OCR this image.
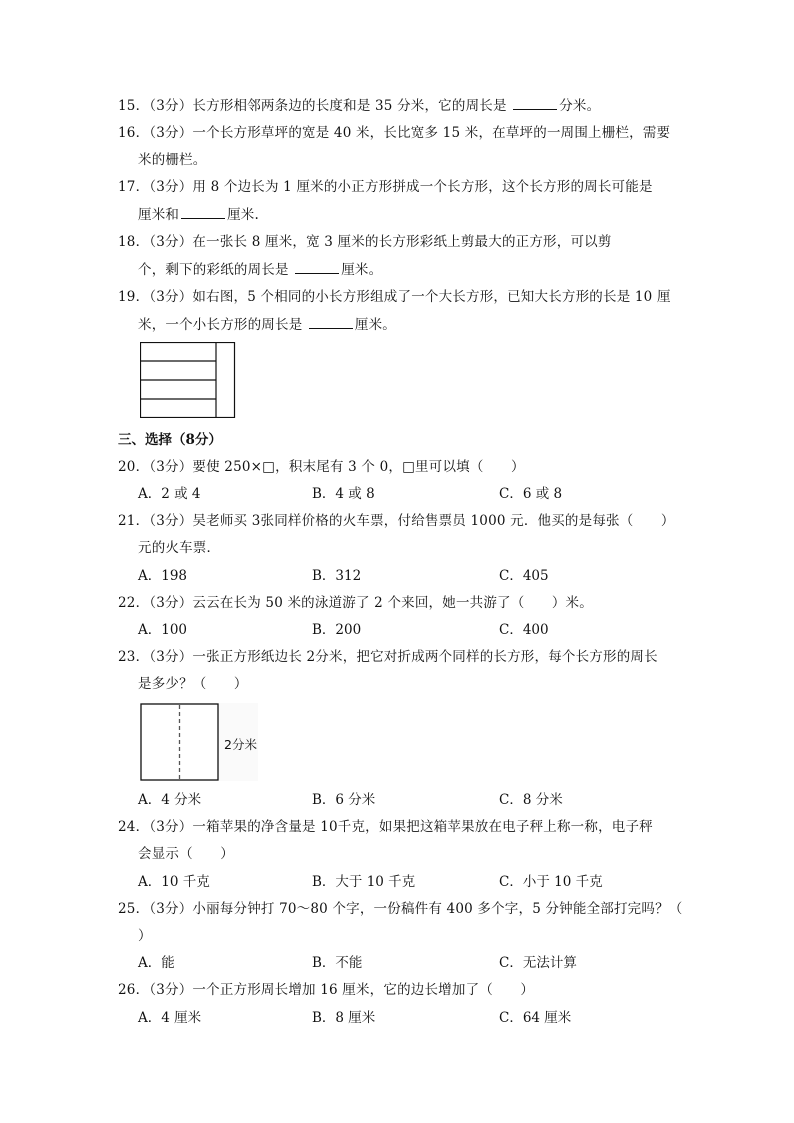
15．（3分）长方形相邻两条边的长度和是 35 分米，它的周长是	分米。
16．（3分）一个长方形草坪的宽是 40 米，长比宽多 15 米，在草坪的一周围上栅栏，需要
米的栅栏。
17．（3分）用 8 个边长为 1 厘米的小正方形拼成一个长方形，这个长方形的周长可能是
厘米和	厘米.
18．（3分）在一张长 8 厘米，宽 3 厘米的长方形彩纸上剪最大的正方形，可以剪
个，剩下的彩纸的周长是	厘米。
19．（3分）如右图，5 个相同的小长方形组成了一个大长方形，已知大长方形的长是 10 厘
米，一个小长方形的周长是	厘米。
三、选择（8分）
20．（3分）要使 250×□，积末尾有 3 个 0，□里可以填（　　）
A．2 或 4	B．4 或 8	C．6 或 8
21．（3分）吴老师买 3张同样价格的火车票，付给售票员 1000 元．他买的是每张（　　）
元的火车票．
A．198	B．312	C．405
22．（3分）云云在长为 50 米的泳道游了 2 个来回，她一共游了（　　）米。
A．100	B．200	C．400
23．（3分）一张正方形纸边长 2分米，把它对折成两个同样的长方形，每个长方形的周长
是多少？（　　）
2分米
A．4 分米	B．6 分米	C．8 分米
24．（3分）一箱苹果的净含量是 10千克，如果把这箱苹果放在电子秤上称一称，电子秤
会显示（　　）
A．10 千克	B．大于 10 千克	C．小于 10 千克
25．（3分）小丽每分钟打 70～80 个字，一份稿件有 400 多个字，5 分钟能全部打完吗？（
）
A．能	B．不能	C．无法计算
26．（3分）一个正方形周长增加 16 厘米，它的边长增加了（　　）
A．4 厘米	B．8 厘米	C．64 厘米
